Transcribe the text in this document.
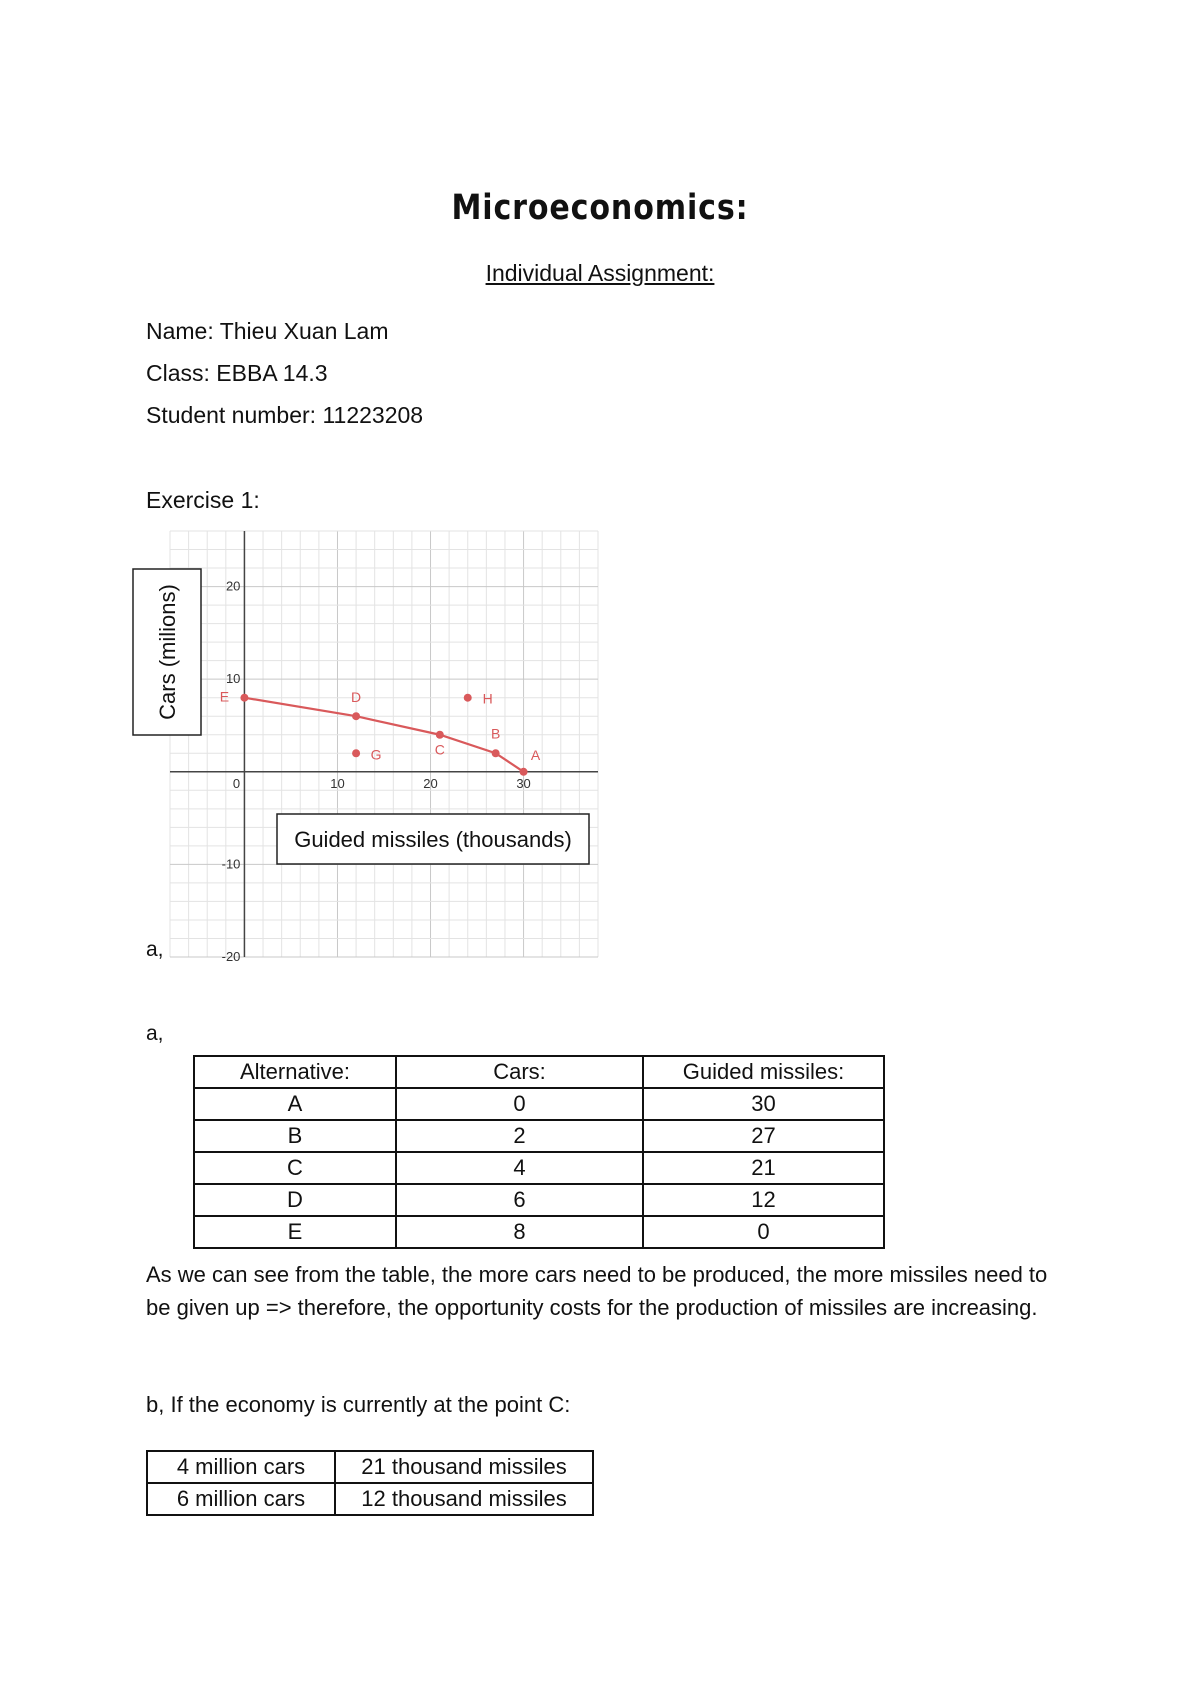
Microeconomics:
Individual Assignment:
Name: Thieu Xuan Lam
Class: EBBA 14.3
Student number: 11223208
Exercise 1:
0	10	20	30
-20
-10
10
20
E	D
C
B
A
G
H
Cars (milions)
Guided missiles (thousands)
a,
a,
Alternative:	Cars:	Guided missiles:
A	0	30
B	2	27
C	4	21
D	6	12
E	8	0
As we can see from the table, the more cars need to be produced, the more missiles need to be given up => therefore, the opportunity costs for the production of missiles are increasing.
b, If the economy is currently at the point C:
4 million cars	21 thousand missiles
6 million cars	12 thousand missiles
